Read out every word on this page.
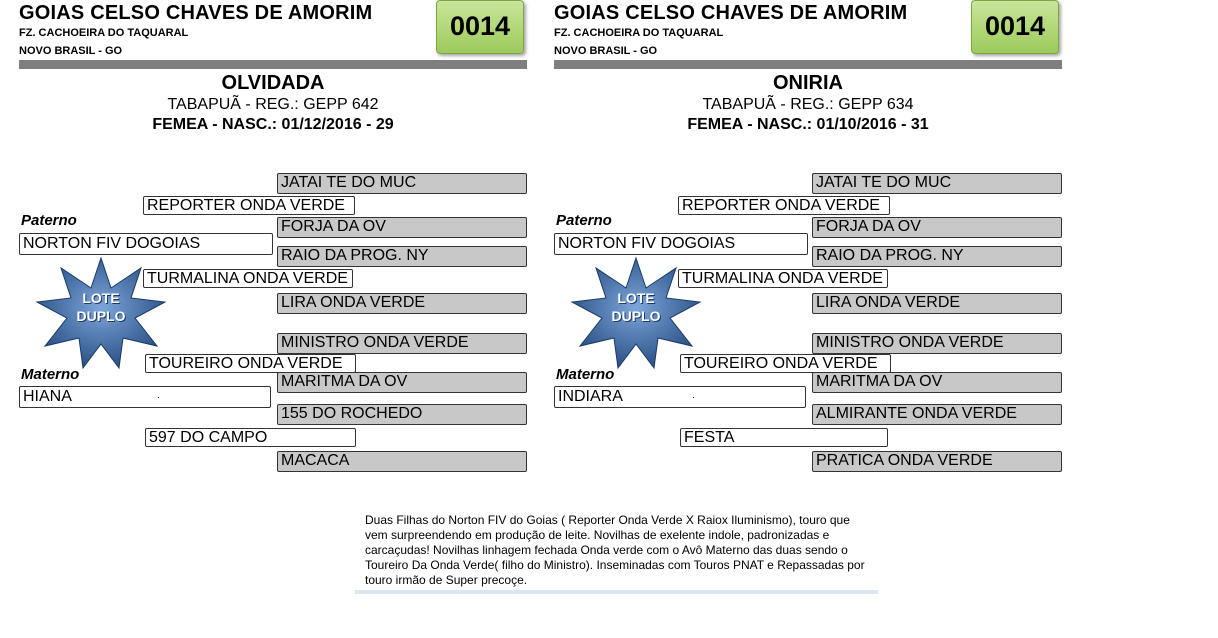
GOIAS CELSO CHAVES DE AMORIM
FZ. CACHOEIRA DO TAQUARAL
NOVO BRASIL - GO
0014
OLVIDADA
TABAPUÃ - REG.: GEPP 642
FEMEA - NASC.: 01/12/2016 - 29
JATAI TE DO MUC
REPORTER ONDA VERDE
Paterno	FORJA DA OV
NORTON FIV DOGOIAS
RAIO DA PROG. NY
TURMALINA ONDA VERDE
LOTE
DUPLO
LIRA ONDA VERDE
MINISTRO ONDA VERDE
TOUREIRO ONDA VERDE
Materno	MARITMA DA OV
HIANA	.
155 DO ROCHEDO
597 DO CAMPO
MACACA
GOIAS CELSO CHAVES DE AMORIM
FZ. CACHOEIRA DO TAQUARAL
NOVO BRASIL - GO
0014
ONIRIA
TABAPUÃ - REG.: GEPP 634
FEMEA - NASC.: 01/10/2016 - 31
JATAI TE DO MUC
REPORTER ONDA VERDE
Paterno	FORJA DA OV
NORTON FIV DOGOIAS
RAIO DA PROG. NY
TURMALINA ONDA VERDE
LOTE
DUPLO
LIRA ONDA VERDE
MINISTRO ONDA VERDE
TOUREIRO ONDA VERDE
Materno	MARITMA DA OV
INDIARA	.
ALMIRANTE ONDA VERDE
FESTA
PRATICA ONDA VERDE
Duas Filhas do Norton FIV do Goias ( Reporter Onda Verde X Raiox Iluminismo), touro que vem surpreendendo em produção de leite. Novilhas de exelente indole, padronizadas e carcaçudas! Novilhas linhagem fechada Onda verde com o Avô Materno das duas sendo o Toureiro Da Onda Verde( filho do Ministro). Inseminadas com Touros PNAT e Repassadas por touro irmão de Super precoçe.
